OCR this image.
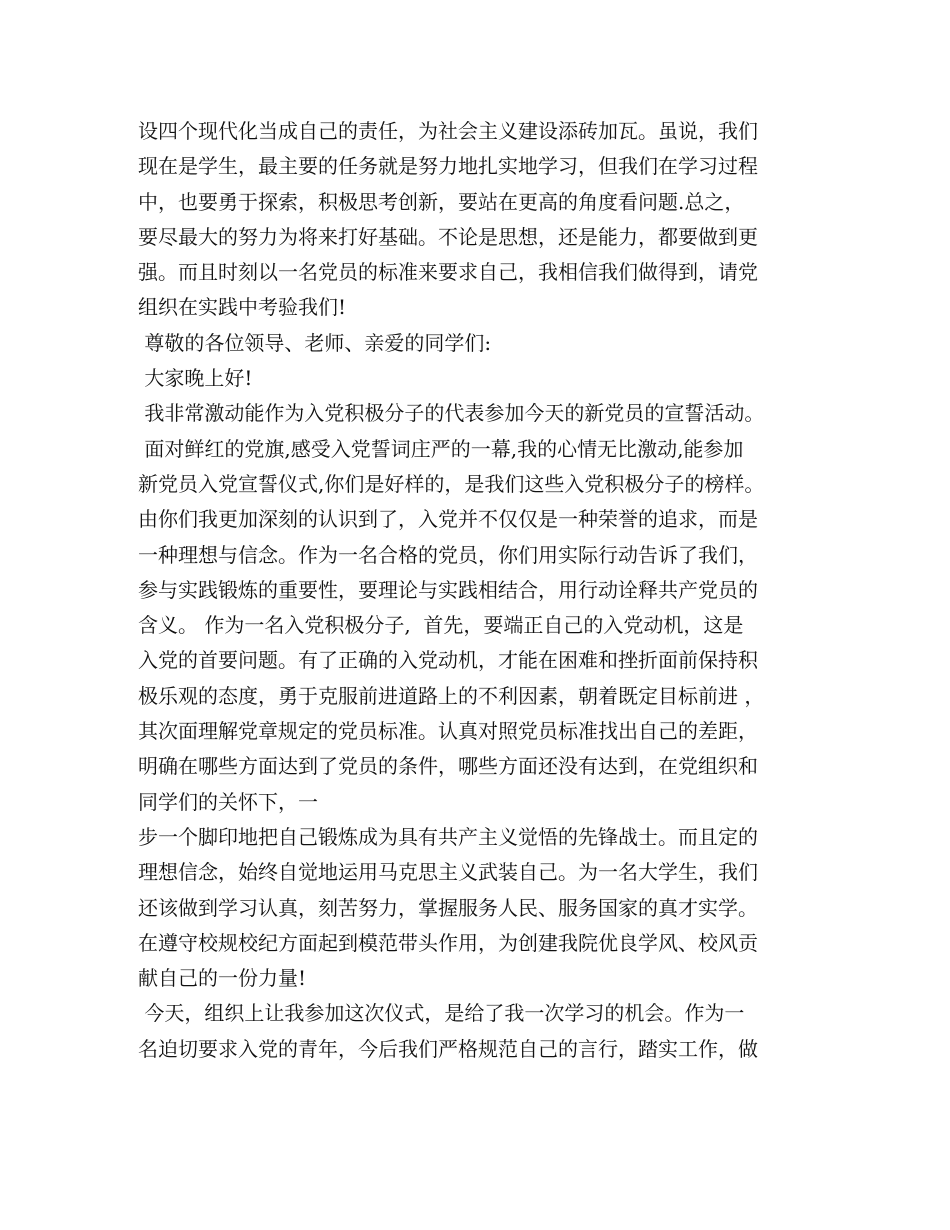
设四个现代化当成自己的责任，为社会主义建设添砖加瓦。虽说，我们
现在是学生，最主要的任务就是努力地扎实地学习，但我们在学习过程
中，也要勇于探索，积极思考创新，要站在更高的角度看问题.总之，
要尽最大的努力为将来打好基础。不论是思想，还是能力，都要做到更
强。而且时刻以一名党员的标准来要求自己，我相信我们做得到，请党
组织在实践中考验我们!
尊敬的各位领导、老师、亲爱的同学们:
大家晚上好!
我非常激动能作为入党积极分子的代表参加今天的新党员的宣誓活动。
面对鲜红的党旗,感受入党誓词庄严的一幕,我的心情无比激动,能参加
新党员入党宣誓仪式,你们是好样的，是我们这些入党积极分子的榜样。
由你们我更加深刻的认识到了，入党并不仅仅是一种荣誉的追求，而是
一种理想与信念。作为一名合格的党员，你们用实际行动告诉了我们，
参与实践锻炼的重要性，要理论与实践相结合，用行动诠释共产党员的
含义。 作为一名入党积极分子,  首先，要端正自己的入党动机，这是
入党的首要问题。有了正确的入党动机，才能在困难和挫折面前保持积
极乐观的态度，勇于克服前进道路上的不利因素，朝着既定目标前进 ，
其次面理解党章规定的党员标准。认真对照党员标准找出自己的差距，
明确在哪些方面达到了党员的条件，哪些方面还没有达到，在党组织和
同学们的关怀下，一
步一个脚印地把自己锻炼成为具有共产主义觉悟的先锋战士。而且定的
理想信念，始终自觉地运用马克思主义武装自己。为一名大学生，我们
还该做到学习认真，刻苦努力，掌握服务人民、服务国家的真才实学。
在遵守校规校纪方面起到模范带头作用，为创建我院优良学风、校风贡
献自己的一份力量!
今天，组织上让我参加这次仪式，是给了我一次学习的机会。作为一
名迫切要求入党的青年，今后我们严格规范自己的言行，踏实工作，做
